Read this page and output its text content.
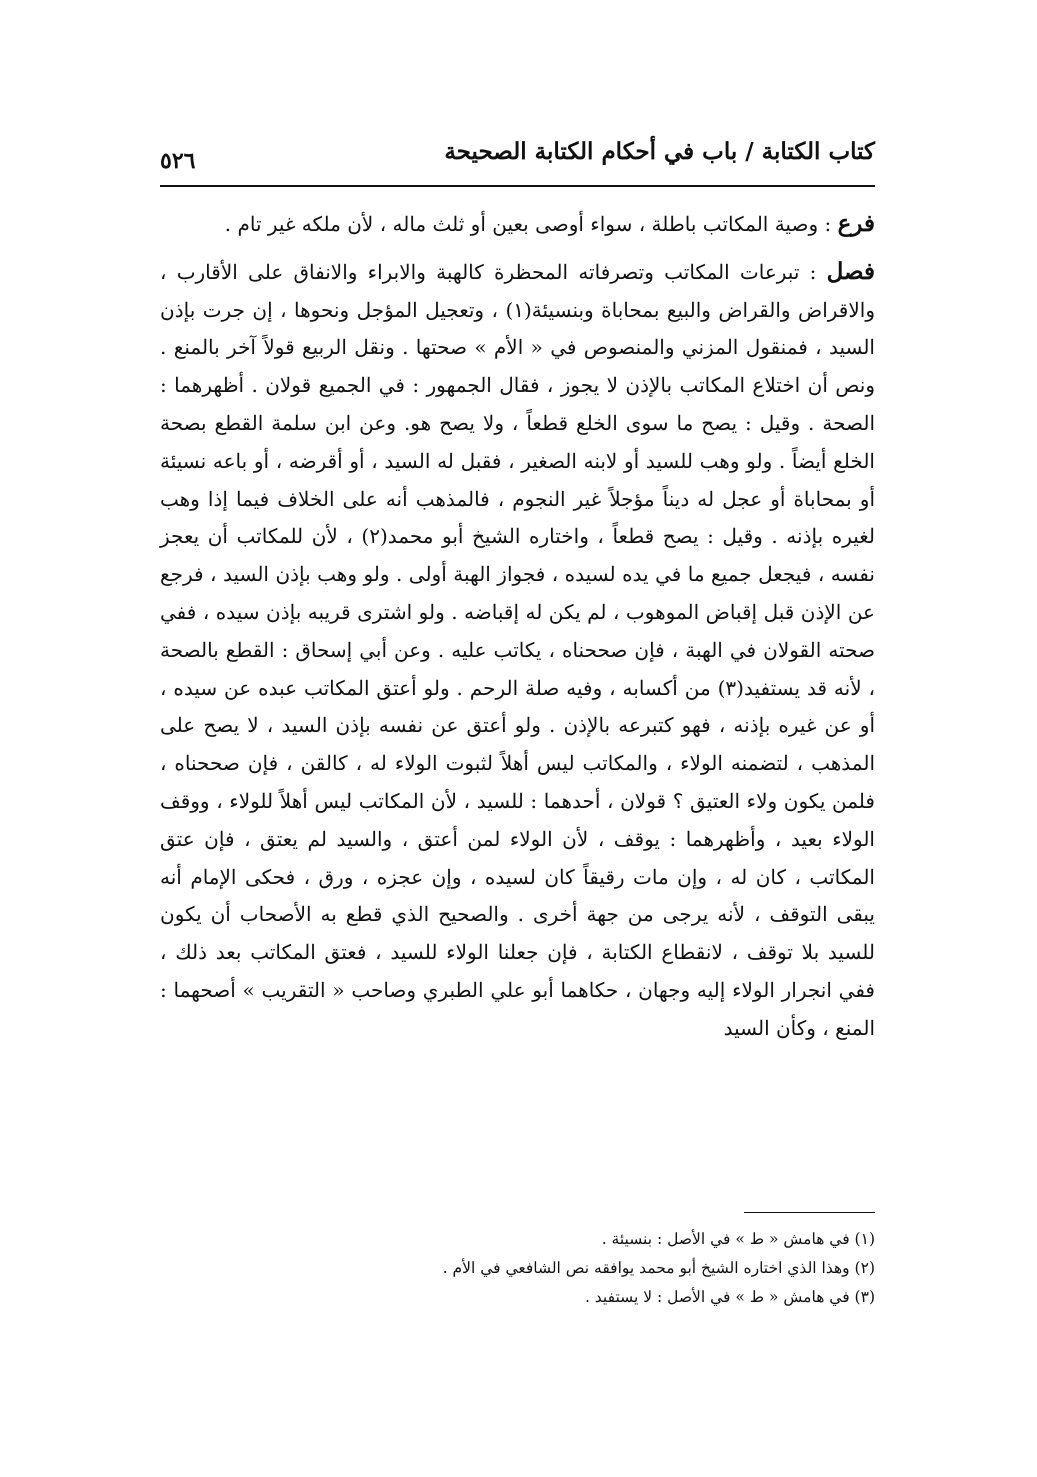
كتاب الكتابة / باب في أحكام الكتابة الصحيحة
٥٢٦

فرع : وصية المكاتب باطلة ، سواء أوصى بعين أو ثلث ماله ، لأن ملكه غير تام .

فصل : تبرعات المكاتب وتصرفاته المحظرة كالهبة والابراء والانفاق على الأقارب ، والاقراض والقراض والبيع بمحاباة وبنسيئة(١) ، وتعجيل المؤجل ونحوها ، إن جرت بإذن السيد ، فمنقول المزني والمنصوص في « الأم » صحتها . ونقل الربيع قولاً آخر بالمنع . ونص أن اختلاع المكاتب بالإذن لا يجوز ، فقال الجمهور : في الجميع قولان . أظهرهما : الصحة . وقيل : يصح ما سوى الخلع قطعاً ، ولا يصح هو. وعن ابن سلمة القطع بصحة الخلع أيضاً . ولو وهب للسيد أو لابنه الصغير ، فقبل له السيد ، أو أقرضه ، أو باعه نسيئة أو بمحاباة أو عجل له ديناً مؤجلاً غير النجوم ، فالمذهب أنه على الخلاف فيما إذا وهب لغيره بإذنه . وقيل : يصح قطعاً ، واختاره الشيخ أبو محمد(٢) ، لأن للمكاتب أن يعجز نفسه ، فيجعل جميع ما في يده لسيده ، فجواز الهبة أولى . ولو وهب بإذن السيد ، فرجع عن الإذن قبل إقباض الموهوب ، لم يكن له إقباضه . ولو اشترى قريبه بإذن سيده ، ففي صحته القولان في الهبة ، فإن صححناه ، يكاتب عليه . وعن أبي إسحاق : القطع بالصحة ، لأنه قد يستفيد(٣) من أكسابه ، وفيه صلة الرحم . ولو أعتق المكاتب عبده عن سيده ، أو عن غيره بإذنه ، فهو كتبرعه بالإذن . ولو أعتق عن نفسه بإذن السيد ، لا يصح على المذهب ، لتضمنه الولاء ، والمكاتب ليس أهلاً لثبوت الولاء له ، كالقن ، فإن صححناه ، فلمن يكون ولاء العتيق ؟ قولان ، أحدهما : للسيد ، لأن المكاتب ليس أهلاً للولاء ، ووقف الولاء بعيد ، وأظهرهما : يوقف ، لأن الولاء لمن أعتق ، والسيد لم يعتق ، فإن عتق المكاتب ، كان له ، وإن مات رقيقاً كان لسيده ، وإن عجزه ، ورق ، فحكى الإمام أنه يبقى التوقف ، لأنه يرجى من جهة أخرى . والصحيح الذي قطع به الأصحاب أن يكون للسيد بلا توقف ، لانقطاع الكتابة ، فإن جعلنا الولاء للسيد ، فعتق المكاتب بعد ذلك ، ففي انجرار الولاء إليه وجهان ، حكاهما أبو علي الطبري وصاحب « التقريب » أصحهما : المنع ، وكأن السيد

(١) في هامش « ط » في الأصل : بنسيئة .
(٢) وهذا الذي اختاره الشيخ أبو محمد يوافقه نص الشافعي في الأم .
(٣) في هامش « ط » في الأصل : لا يستفيد .
